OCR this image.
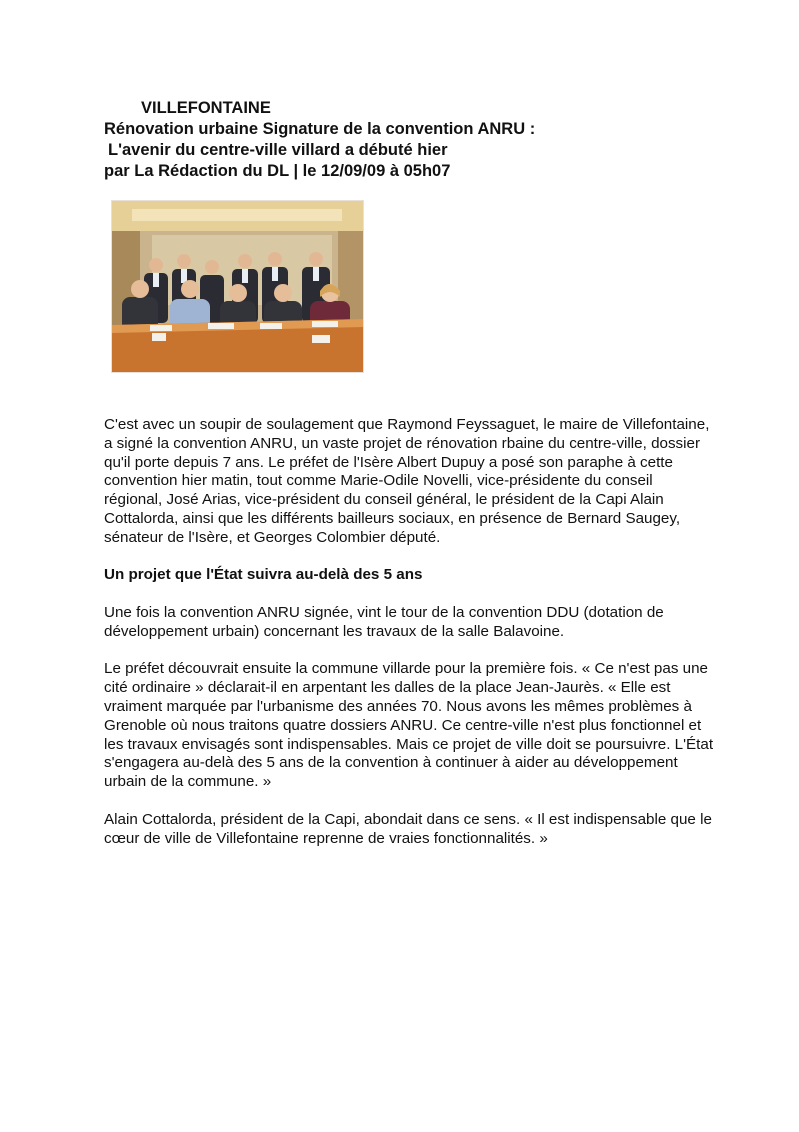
VILLEFONTAINE
Rénovation urbaine Signature de la convention ANRU :
L'avenir du centre-ville villard a débuté hier
par La Rédaction du DL | le 12/09/09 à 05h07

C'est avec un soupir de soulagement que Raymond Feyssaguet, le maire de Villefontaine, a signé la convention ANRU, un vaste projet de rénovation rbaine du centre-ville, dossier qu'il porte depuis 7 ans. Le préfet de l'Isère Albert Dupuy a posé son paraphe à cette convention hier matin, tout comme Marie-Odile Novelli, vice-présidente du conseil régional, José Arias, vice-président du conseil général, le président de la Capi Alain Cottalorda, ainsi que les différents bailleurs sociaux, en présence de Bernard Saugey, sénateur de l'Isère, et Georges Colombier député.

Un projet que l'État suivra au-delà des 5 ans

Une fois la convention ANRU signée, vint le tour de la convention DDU (dotation de développement urbain) concernant les travaux de la salle Balavoine.

Le préfet découvrait ensuite la commune villarde pour la première fois. « Ce n'est pas une cité ordinaire » déclarait-il en arpentant les dalles de la place Jean-Jaurès. « Elle est vraiment marquée par l'urbanisme des années 70. Nous avons les mêmes problèmes à Grenoble où nous traitons quatre dossiers ANRU. Ce centre-ville n'est plus fonctionnel et les travaux envisagés sont indispensables. Mais ce projet de ville doit se poursuivre. L'État s'engagera au-delà des 5 ans de la convention à continuer à aider au développement urbain de la commune. »

Alain Cottalorda, président de la Capi, abondait dans ce sens. « Il est indispensable que le cœur de ville de Villefontaine reprenne de vraies fonctionnalités. »
